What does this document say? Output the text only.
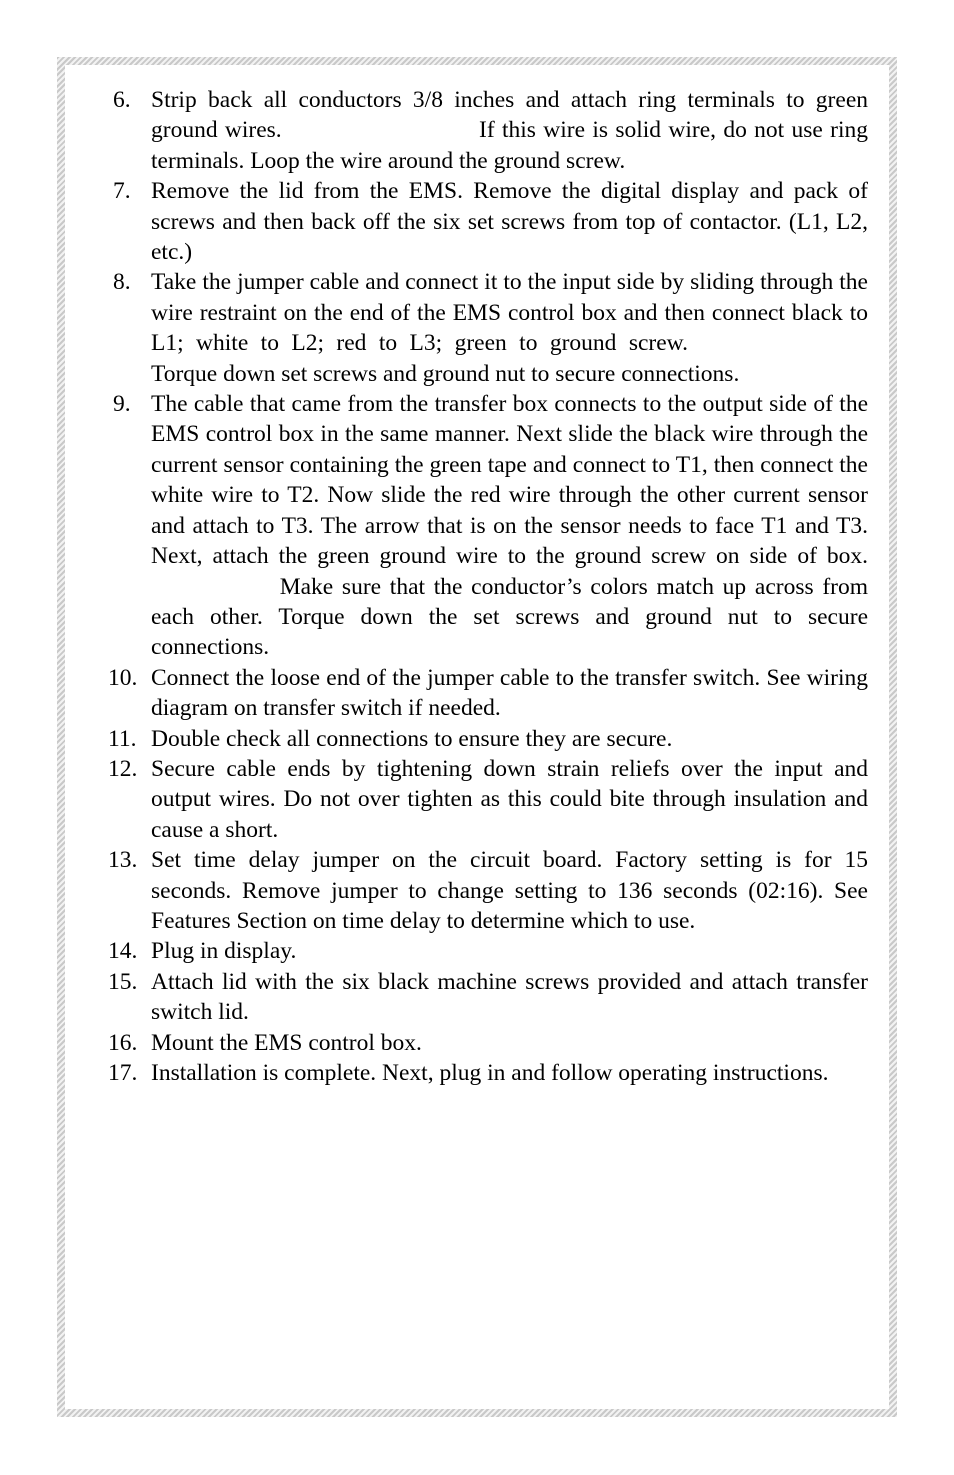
6. Strip back all conductors 3/8 inches and attach ring terminals to green ground wires.	If this wire is solid wire, do not use ring terminals. Loop the wire around the ground screw.
7. Remove the lid from the EMS. Remove the digital display and pack of screws and then back off the six set screws from top of contactor. (L1, L2, etc.)
8. Take the jumper cable and connect it to the input side by sliding through the wire restraint on the end of the EMS control box and then connect black to L1; white to L2; red to L3; green to ground screw. Torque down set screws and ground nut to secure connections.
9. The cable that came from the transfer box connects to the output side of the EMS control box in the same manner. Next slide the black wire through the current sensor containing the green tape and connect to T1, then connect the white wire to T2. Now slide the red wire through the other current sensor and attach to T3. The arrow that is on the sensor needs to face T1 and T3. Next, attach the green ground wire to the ground screw on side of box. Make sure that the conductor’s colors match up across from each other. Torque down the set screws and ground nut to secure connections.
10. Connect the loose end of the jumper cable to the transfer switch. See wiring diagram on transfer switch if needed.
11. Double check all connections to ensure they are secure.
12. Secure cable ends by tightening down strain reliefs over the input and output wires. Do not over tighten as this could bite through insulation and cause a short.
13. Set time delay jumper on the circuit board. Factory setting is for 15 seconds. Remove jumper to change setting to 136 seconds (02:16). See Features Section on time delay to determine which to use.
14. Plug in display.
15. Attach lid with the six black machine screws provided and attach transfer switch lid.
16. Mount the EMS control box.
17. Installation is complete. Next, plug in and follow operating instructions.
